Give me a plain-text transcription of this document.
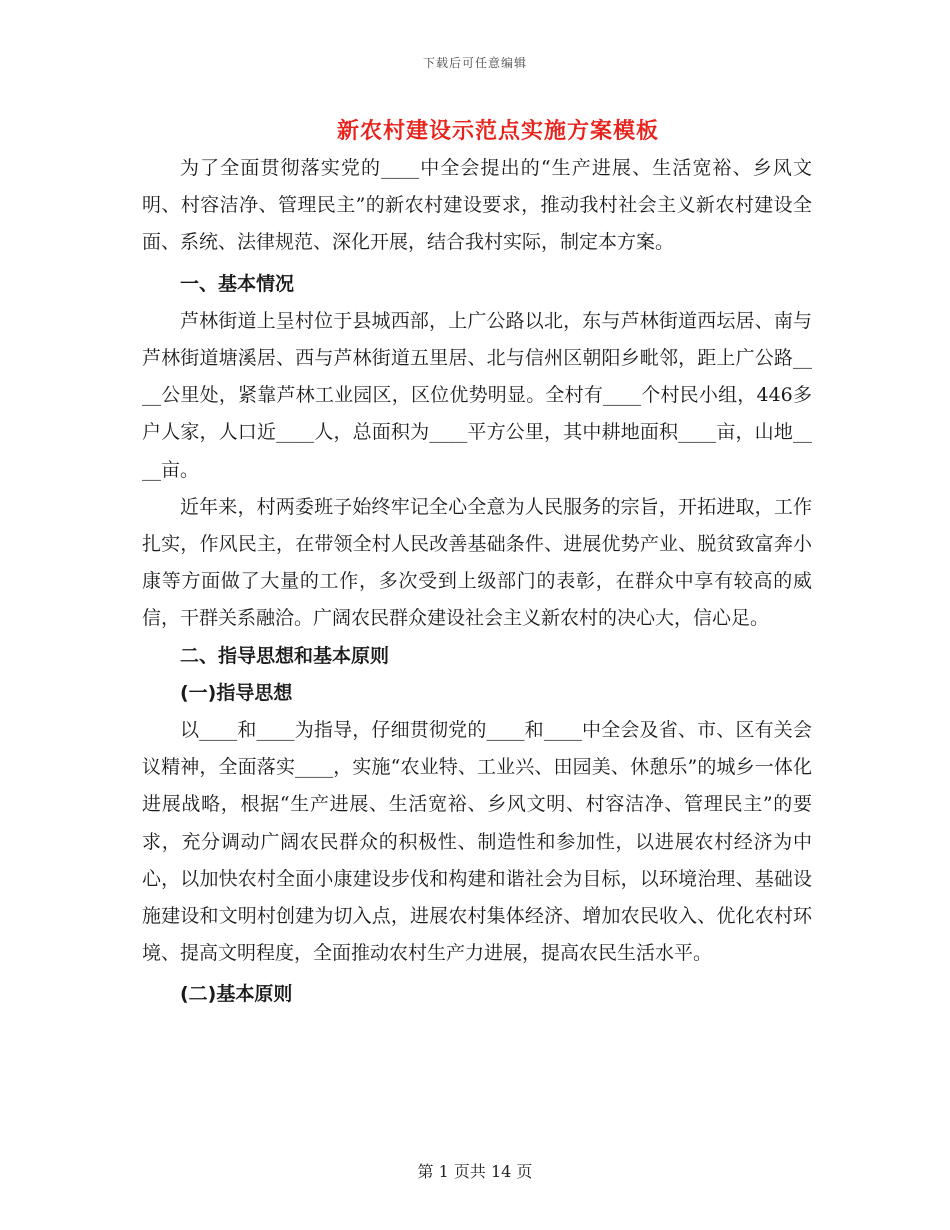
下载后可任意编辑
新农村建设示范点实施方案模板

为了全面贯彻落实党的____中全会提出的“生产进展、生活宽裕、乡风文明、村容洁净、管理民主”的新农村建设要求，推动我村社会主义新农村建设全面、系统、法律规范、深化开展，结合我村实际，制定本方案。

一、基本情况

芦林街道上呈村位于县城西部，上广公路以北，东与芦林街道西坛居、南与芦林街道塘溪居、西与芦林街道五里居、北与信州区朝阳乡毗邻，距上广公路____公里处，紧靠芦林工业园区，区位优势明显。全村有____个村民小组，446多户人家，人口近____人，总面积为____平方公里，其中耕地面积____亩，山地____亩。

近年来，村两委班子始终牢记全心全意为人民服务的宗旨，开拓进取，工作扎实，作风民主，在带领全村人民改善基础条件、进展优势产业、脱贫致富奔小康等方面做了大量的工作，多次受到上级部门的表彰，在群众中享有较高的威信，干群关系融洽。广阔农民群众建设社会主义新农村的决心大，信心足。

二、指导思想和基本原则

(一)指导思想

以____和____为指导，仔细贯彻党的____和____中全会及省、市、区有关会议精神，全面落实____，实施“农业特、工业兴、田园美、休憩乐”的城乡一体化进展战略，根据“生产进展、生活宽裕、乡风文明、村容洁净、管理民主”的要求，充分调动广阔农民群众的积极性、制造性和参加性，以进展农村经济为中心，以加快农村全面小康建设步伐和构建和谐社会为目标，以环境治理、基础设施建设和文明村创建为切入点，进展农村集体经济、增加农民收入、优化农村环境、提高文明程度，全面推动农村生产力进展，提高农民生活水平。

(二)基本原则

第 1 页共 14 页
